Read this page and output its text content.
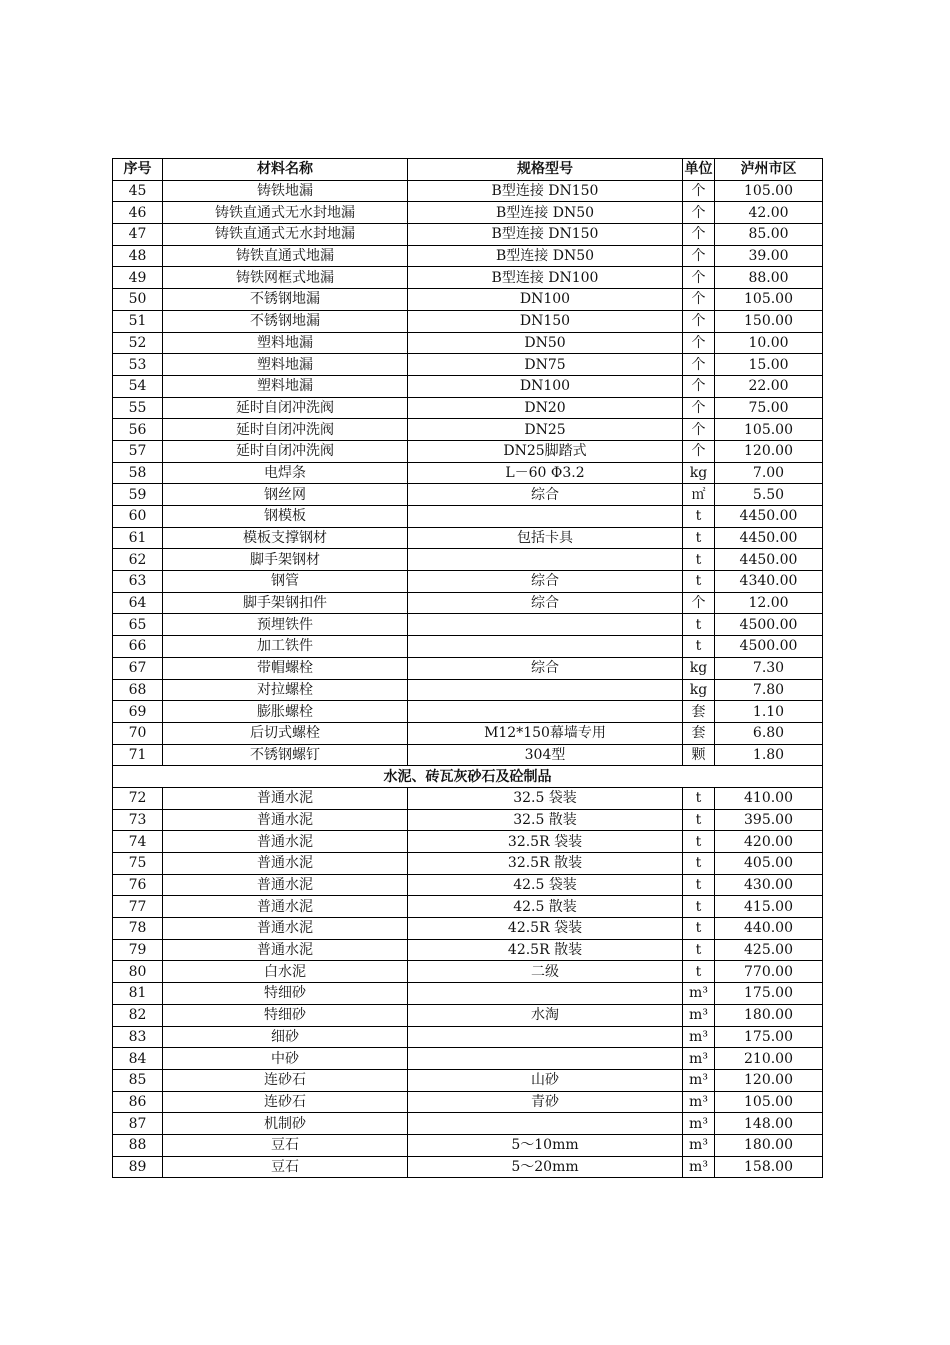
序号	材料名称	规格型号	单位	泸州市区
45	铸铁地漏	B型连接 DN150	个	105.00
46	铸铁直通式无水封地漏	B型连接 DN50	个	42.00
47	铸铁直通式无水封地漏	B型连接 DN150	个	85.00
48	铸铁直通式地漏	B型连接 DN50	个	39.00
49	铸铁网框式地漏	B型连接 DN100	个	88.00
50	不锈钢地漏	DN100	个	105.00
51	不锈钢地漏	DN150	个	150.00
52	塑料地漏	DN50	个	10.00
53	塑料地漏	DN75	个	15.00
54	塑料地漏	DN100	个	22.00
55	延时自闭冲洗阀	DN20	个	75.00
56	延时自闭冲洗阀	DN25	个	105.00
57	延时自闭冲洗阀	DN25脚踏式	个	120.00
58	电焊条	L－60 Φ3.2	kg	7.00
59	钢丝网	综合	㎡	5.50
60	钢模板		t	4450.00
61	模板支撑钢材	包括卡具	t	4450.00
62	脚手架钢材		t	4450.00
63	钢管	综合	t	4340.00
64	脚手架钢扣件	综合	个	12.00
65	预埋铁件		t	4500.00
66	加工铁件		t	4500.00
67	带帽螺栓	综合	kg	7.30
68	对拉螺栓		kg	7.80
69	膨胀螺栓		套	1.10
70	后切式螺栓	M12*150幕墙专用	套	6.80
71	不锈钢螺钉	304型	颗	1.80
水泥、砖瓦灰砂石及砼制品				
72	普通水泥	32.5 袋装	t	410.00
73	普通水泥	32.5 散装	t	395.00
74	普通水泥	32.5R 袋装	t	420.00
75	普通水泥	32.5R 散装	t	405.00
76	普通水泥	42.5 袋装	t	430.00
77	普通水泥	42.5 散装	t	415.00
78	普通水泥	42.5R 袋装	t	440.00
79	普通水泥	42.5R 散装	t	425.00
80	白水泥	二级	t	770.00
81	特细砂		m³	175.00
82	特细砂	水淘	m³	180.00
83	细砂		m³	175.00
84	中砂		m³	210.00
85	连砂石	山砂	m³	120.00
86	连砂石	青砂	m³	105.00
87	机制砂		m³	148.00
88	豆石	5～10mm	m³	180.00
89	豆石	5～20mm	m³	158.00
